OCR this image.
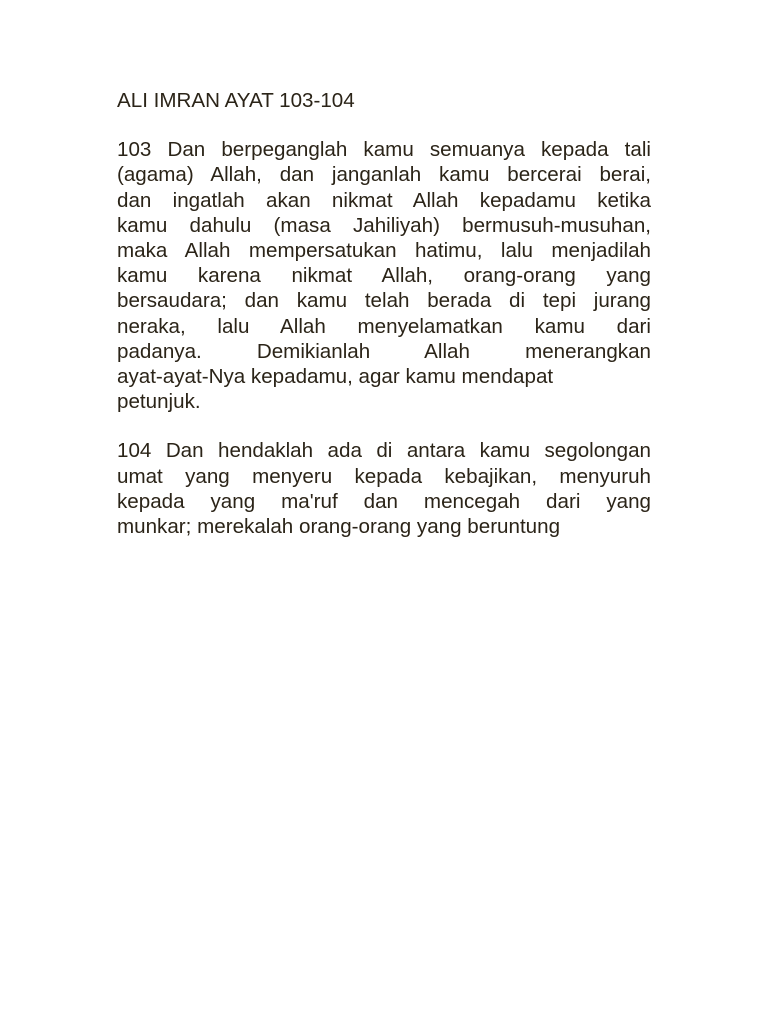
ALI IMRAN AYAT 103-104
103 Dan berpeganglah kamu semuanya kepada tali
(agama) Allah, dan janganlah kamu bercerai berai,
dan ingatlah akan nikmat Allah kepadamu ketika
kamu dahulu (masa Jahiliyah) bermusuh-musuhan,
maka Allah mempersatukan hatimu, lalu menjadilah
kamu karena nikmat Allah, orang-orang yang
bersaudara; dan kamu telah berada di tepi jurang
neraka, lalu Allah menyelamatkan kamu dari
padanya. Demikianlah Allah menerangkan
ayat-ayat-Nya kepadamu, agar kamu mendapat
petunjuk.
104 Dan hendaklah ada di antara kamu segolongan
umat yang menyeru kepada kebajikan, menyuruh
kepada yang ma'ruf dan mencegah dari yang
munkar; merekalah orang-orang yang beruntung
